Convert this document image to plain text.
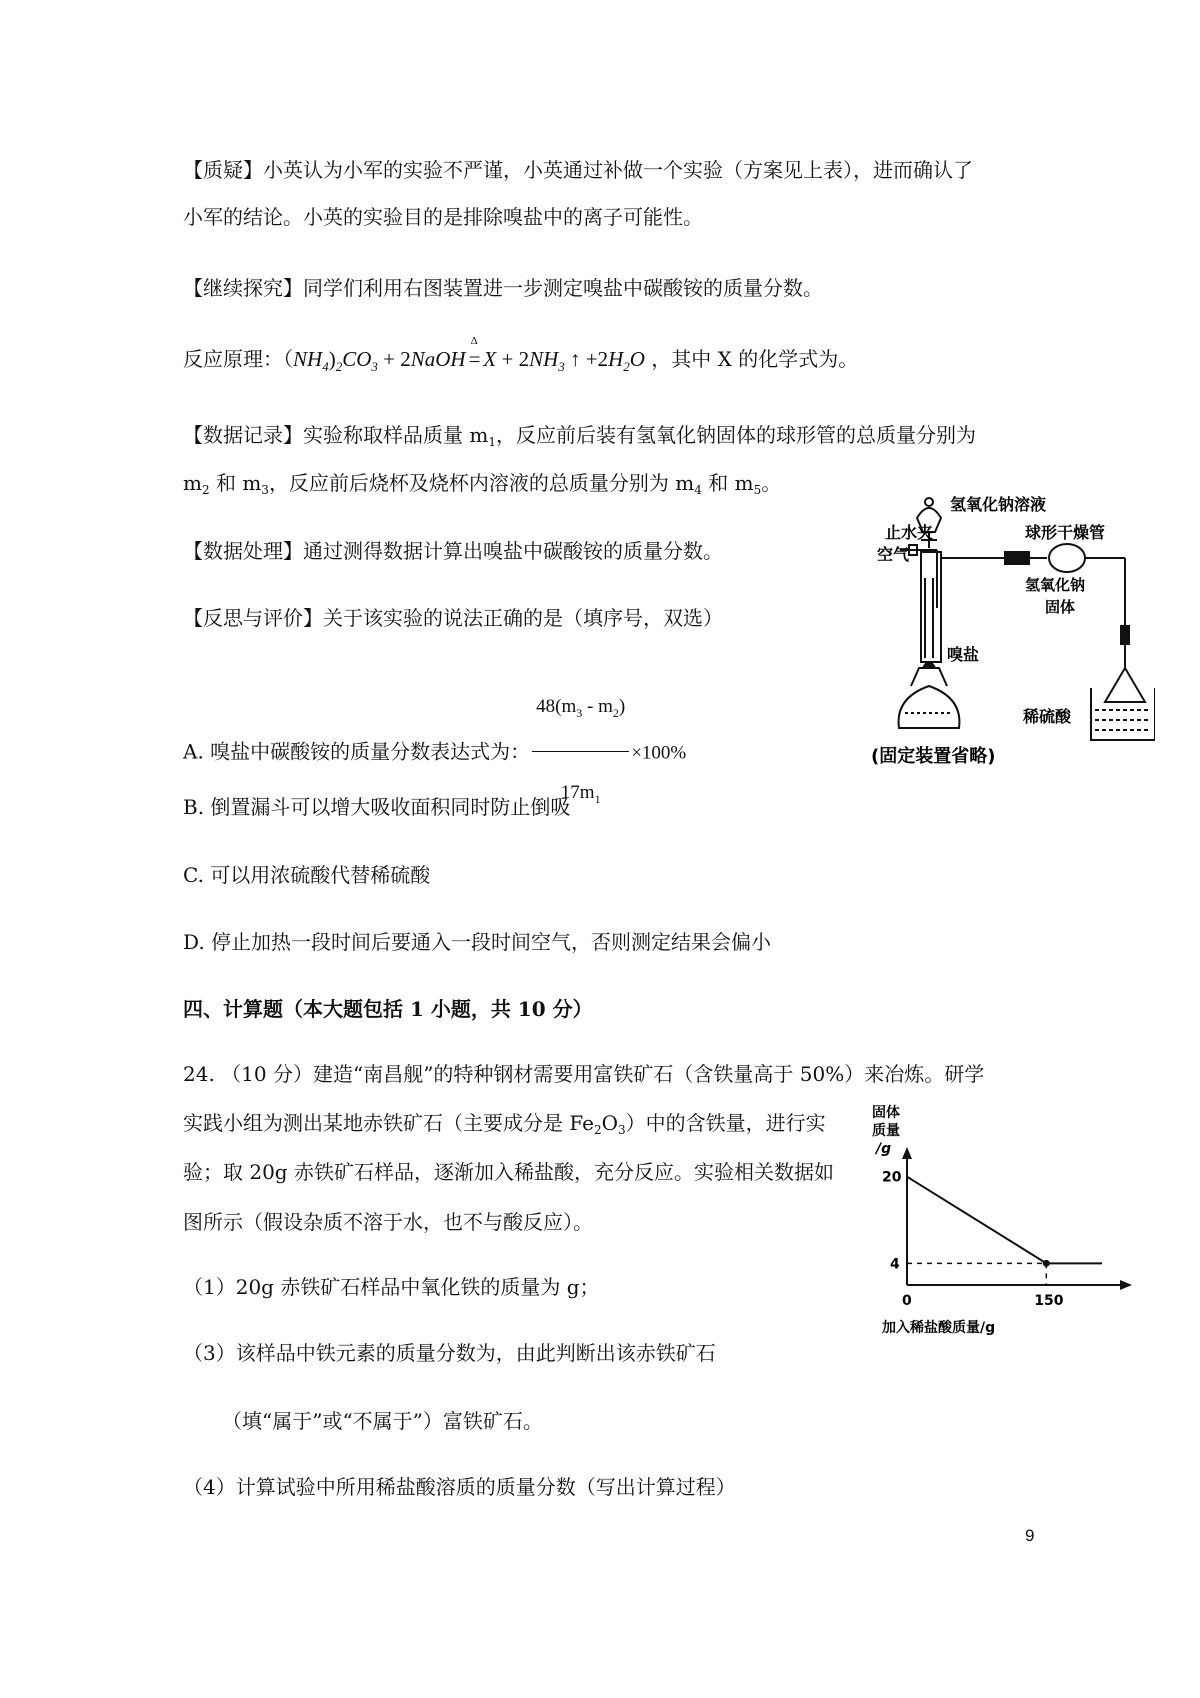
【质疑】小英认为小军的实验不严谨，小英通过补做一个实验（方案见上表），进而确认了
小军的结论。小英的实验目的是排除嗅盐中的离子可能性。
【继续探究】同学们利用右图装置进一步测定嗅盐中碳酸铵的质量分数。
反应原理：$(NH_4)_2CO_3$ + 2NaOH
Δ
= $X + 2NH_3$ ↑ $+2H_2O$ ，其中 X 的化学式为。
【数据记录】实验称取样品质量 $m_1$，反应前后装有氢氧化钠固体的球形管的总质量分别为
$m_2$ 和 $m_3$，反应前后烧杯及烧杯内溶液的总质量分别为 $m_4$ 和 $m_5$。
【数据处理】通过测得数据计算出嗅盐中碳酸铵的质量分数。
【反思与评价】关于该实验的说法正确的是（填序号，双选）
A. 嗅盐中碳酸铵的质量分数表达式为： $\frac{48(m_3 - m_2)}{17m_1} \times 100\%$
B. 倒置漏斗可以增大吸收面积同时防止倒吸
C. 可以用浓硫酸代替稀硫酸
D. 停止加热一段时间后要通入一段时间空气，否则测定结果会偏小
四、计算题（本大题包括 1 小题，共 10 分）
24. （10 分）建造“南昌舰”的特种钢材需要用富铁矿石（含铁量高于 50%）来冶炼。研学
实践小组为测出某地赤铁矿石（主要成分是 $Fe_2O_3$）中的含铁量，进行实
验；取 20g 赤铁矿石样品，逐渐加入稀盐酸，充分反应。实验相关数据如
图所示（假设杂质不溶于水，也不与酸反应）。
（1）20g 赤铁矿石样品中氧化铁的质量为 g；
（3）该样品中铁元素的质量分数为，由此判断出该赤铁矿石
（填“属于”或“不属于”）富铁矿石。
（4）计算试验中所用稀盐酸溶质的质量分数（写出计算过程）
氢氧化钠溶液
止水夹
空气
球形干燥管
嗅盐
氢氧化钠
固体
稀硫酸
(固定装置省略)
固体
质量
/g
20
4
0	150
加入稀盐酸质量/g
9
